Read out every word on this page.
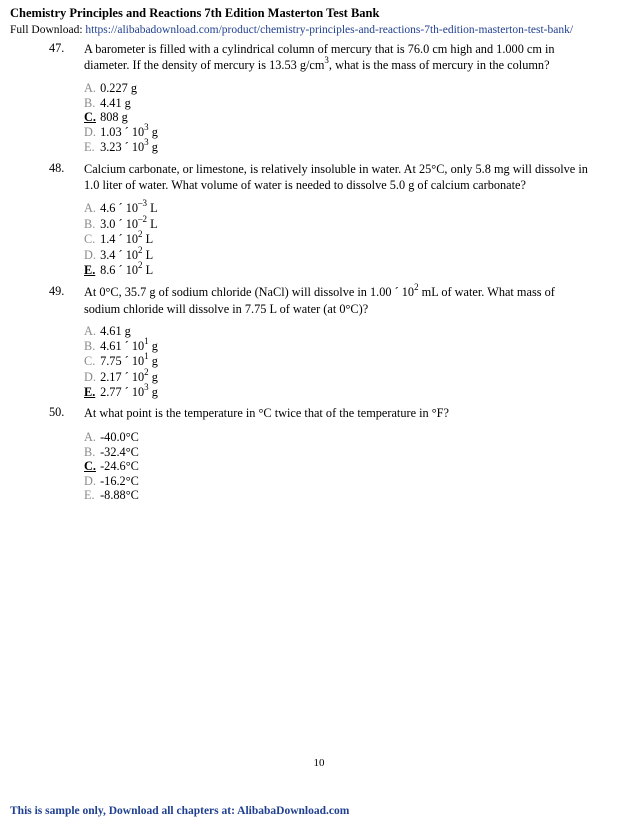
Chemistry Principles and Reactions 7th Edition Masterton Test Bank
Full Download: https://alibabadownload.com/product/chemistry-principles-and-reactions-7th-edition-masterton-test-bank/
47. A barometer is filled with a cylindrical column of mercury that is 76.0 cm high and 1.000 cm in diameter. If the density of mercury is 13.53 $g/cm^3$, what is the mass of mercury in the column?
A. 0.227 g
B. 4.41 g
C. 808 g
D. 1.03 ´ $10^3$ g
E. 3.23 ´ $10^3$ g
48. Calcium carbonate, or limestone, is relatively insoluble in water. At 25°C, only 5.8 mg will dissolve in 1.0 liter of water. What volume of water is needed to dissolve 5.0 g of calcium carbonate?
A. 4.6 ´ $10^{-3}$ L
B. 3.0 ´ $10^{-2}$ L
C. 1.4 ´ $10^2$ L
D. 3.4 ´ $10^2$ L
E. 8.6 ´ $10^2$ L
49. At 0°C, 35.7 g of sodium chloride (NaCl) will dissolve in 1.00 ´ $10^2$ mL of water. What mass of sodium chloride will dissolve in 7.75 L of water (at 0°C)?
A. 4.61 g
B. 4.61 ´ $10^1$ g
C. 7.75 ´ $10^1$ g
D. 2.17 ´ $10^2$ g
E. 2.77 ´ $10^3$ g
50. At what point is the temperature in °C twice that of the temperature in °F?
A. -40.0°C
B. -32.4°C
C. -24.6°C
D. -16.2°C
E. -8.88°C
10
This is sample only, Download all chapters at: AlibabaDownload.com
